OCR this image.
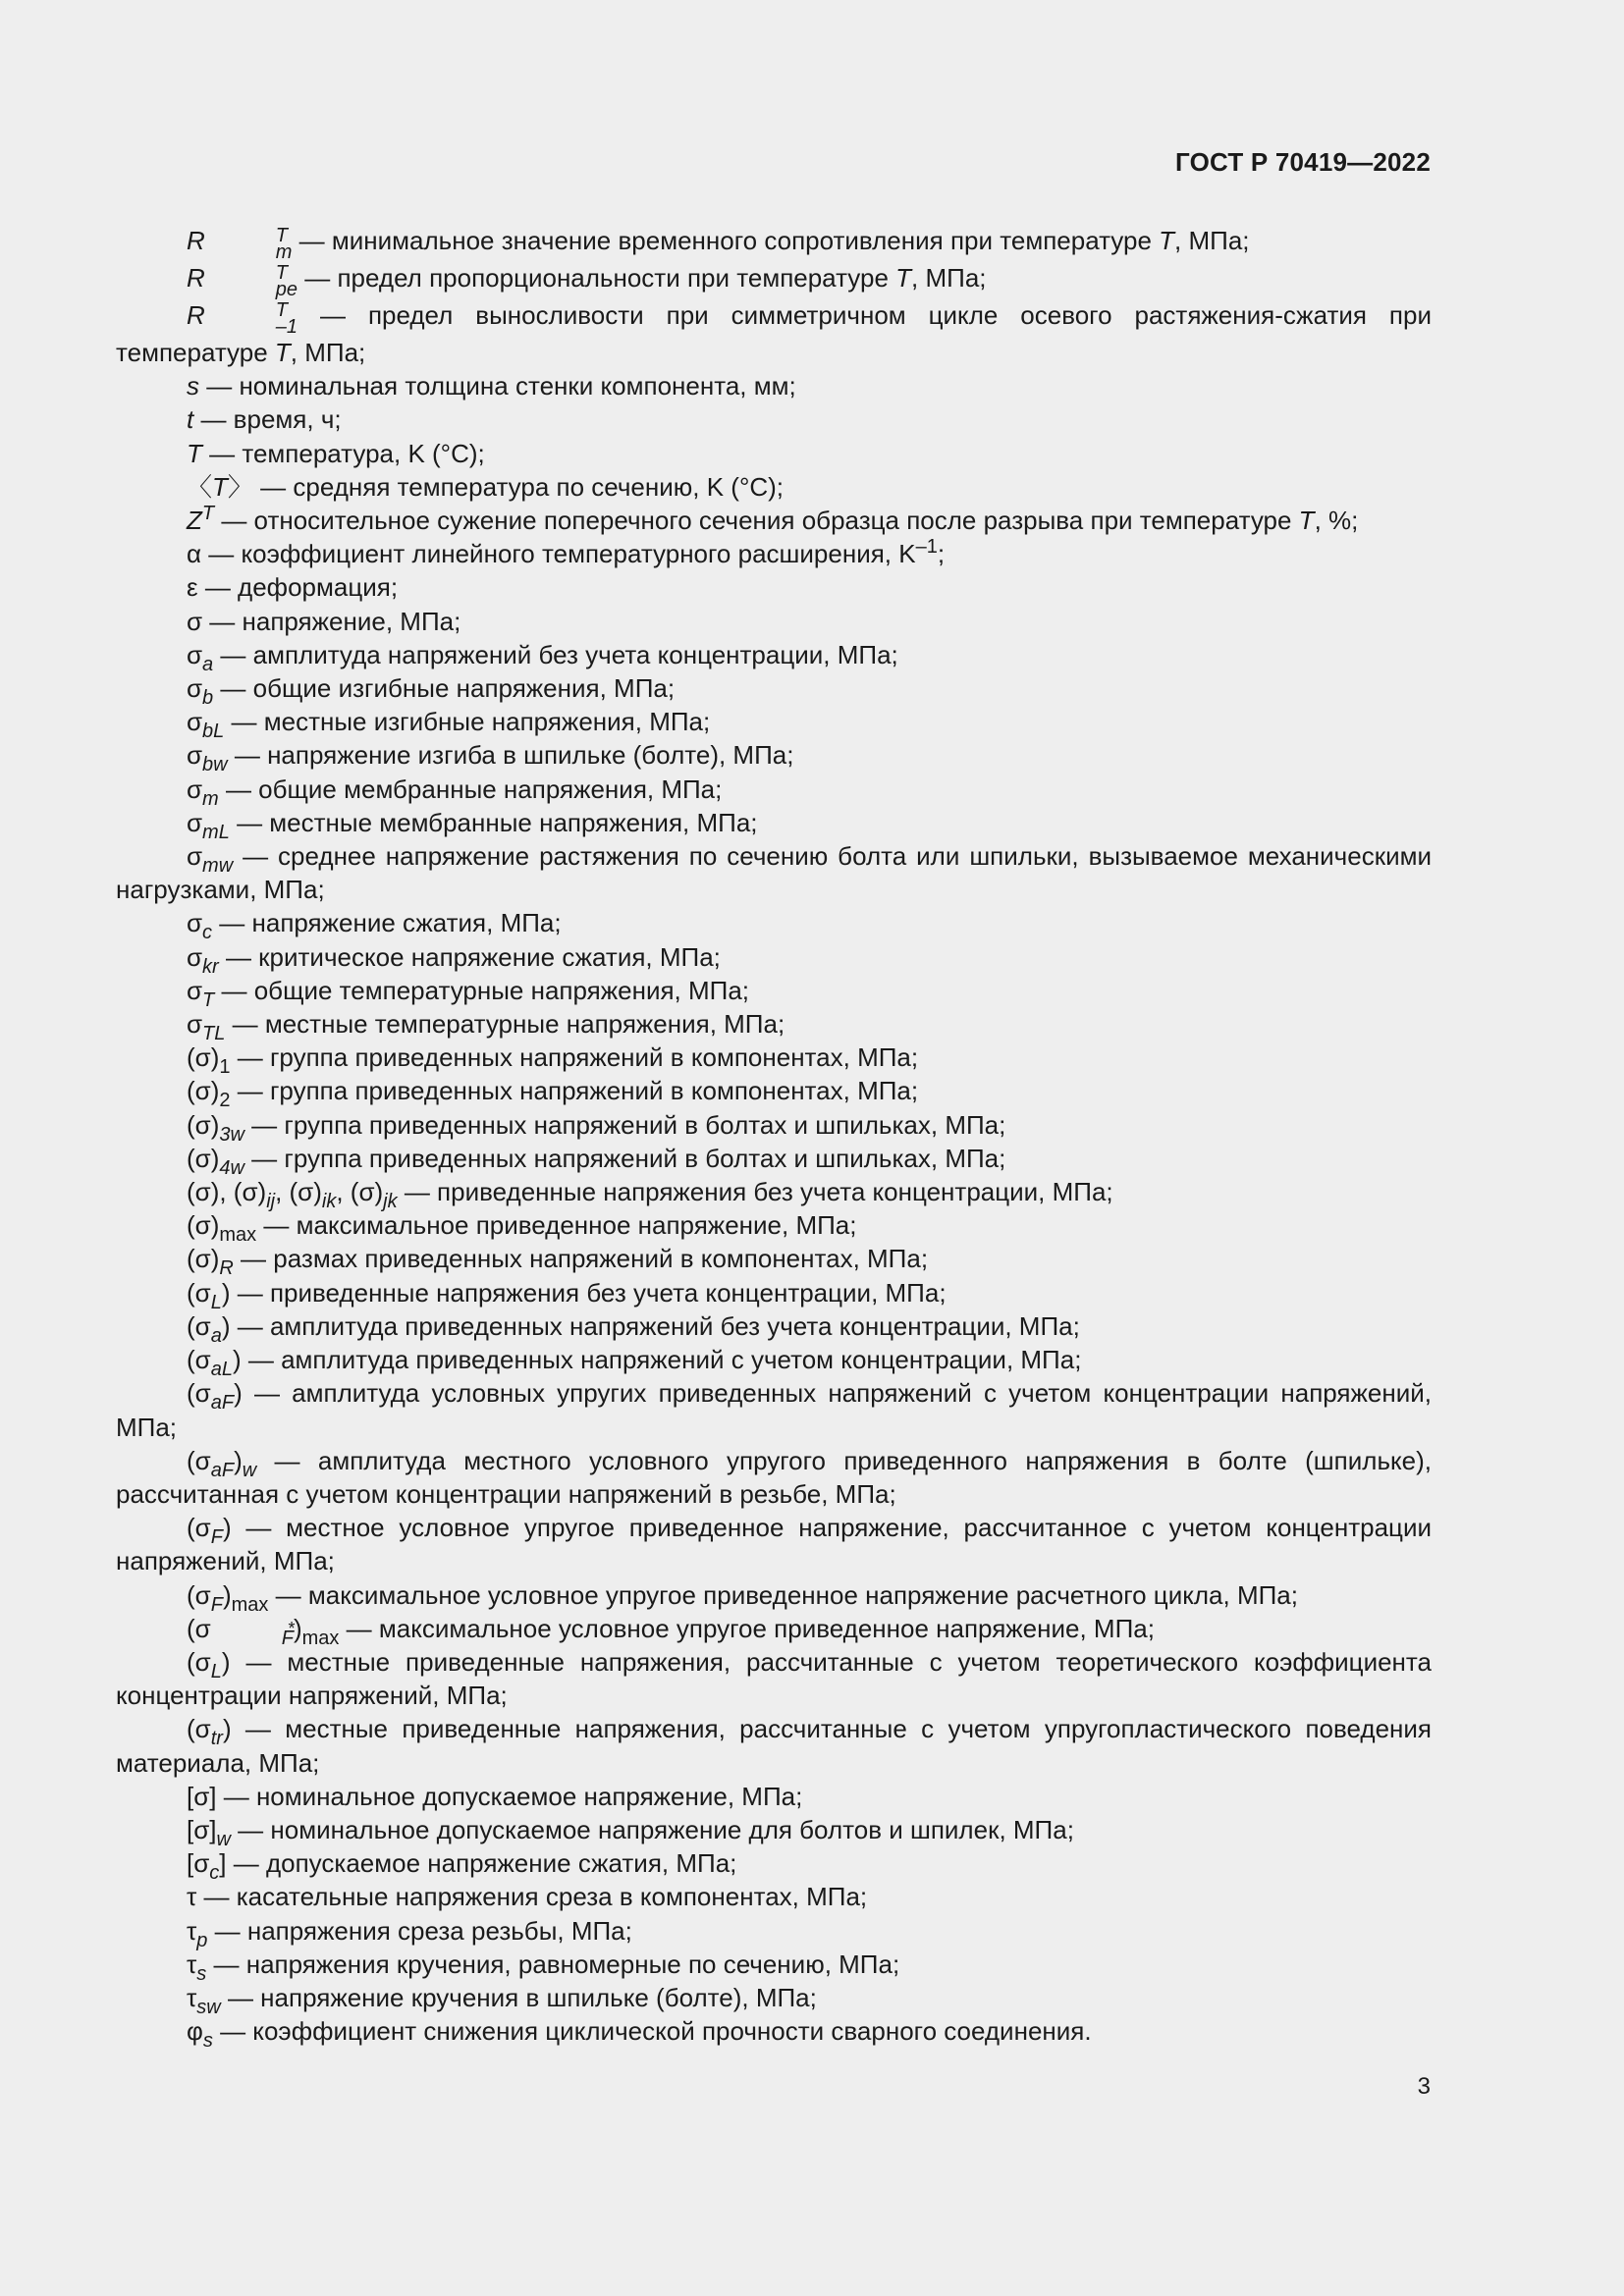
ГОСТ Р 70419—2022

R	T
m — минимальное значение временного сопротивления при температуре T, МПа;

R	T
pe — предел пропорциональности при температуре T, МПа;

R	T
–1 — предел выносливости при симметричном цикле осевого растяжения-сжатия при температуре T, МПа;

s — номинальная толщина стенки компонента, мм;

t — время, ч;

T — температура, K (°С);

〈T〉 — средняя температура по сечению, K (°С);

$Z^T$ — относительное сужение поперечного сечения образца после разрыва при температуре T, %;

α — коэффициент линейного температурного расширения, $K^{-1}$;

ε — деформация;

σ — напряжение, МПа;

$\sigma_a$ — амплитуда напряжений без учета концентрации, МПа;

$\sigma_b$ — общие изгибные напряжения, МПа;

$\sigma_{bL}$ — местные изгибные напряжения, МПа;

$\sigma_{bw}$ — напряжение изгиба в шпильке (болте), МПа;

$\sigma_m$ — общие мембранные напряжения, МПа;

$\sigma_{mL}$ — местные мембранные напряжения, МПа;

$\sigma_{mw}$ — среднее напряжение растяжения по сечению болта или шпильки, вызываемое механическими нагрузками, МПа;

$\sigma_c$ — напряжение сжатия, МПа;

$\sigma_{kr}$ — критическое напряжение сжатия, МПа;

$\sigma_T$ — общие температурные напряжения, МПа;

$\sigma_{TL}$ — местные температурные напряжения, МПа;

$(\sigma)_1$ — группа приведенных напряжений в компонентах, МПа;

$(\sigma)_2$ — группа приведенных напряжений в компонентах, МПа;

$(\sigma)_{3w}$ — группа приведенных напряжений в болтах и шпильках, МПа;

$(\sigma)_{4w}$ — группа приведенных напряжений в болтах и шпильках, МПа;

(σ), $(\sigma)_{ij}$, $(\sigma)_{ik}$, $(\sigma)_{jk}$ — приведенные напряжения без учета концентрации, МПа;

$(\sigma)_{max}$ — максимальное приведенное напряжение, МПа;

$(\sigma)_R$ — размах приведенных напряжений в компонентах, МПа;

$(\sigma_L)$ — приведенные напряжения без учета концентрации, МПа;

$(\sigma_a)$ — амплитуда приведенных напряжений без учета концентрации, МПа;

$(\sigma_{aL})$ — амплитуда приведенных напряжений с учетом концентрации, МПа;

$(\sigma_{aF})$ — амплитуда условных упругих приведенных напряжений с учетом концентрации напряжений, МПа;

$(\sigma_{aF})_w$ — амплитуда местного условного упругого приведенного напряжения в болте (шпильке), рассчитанная с учетом концентрации напряжений в резьбе, МПа;

$(\sigma_F)$ — местное условное упругое приведенное напряжение, рассчитанное с учетом концентрации напряжений, МПа;

$(\sigma_F)_{max}$ — максимальное условное упругое приведенное напряжение расчетного цикла, МПа;

(σ	$_F)_{max}$ — максимальное условное упругое приведенное напряжение, МПа;

$(\sigma_L)$ — местные приведенные напряжения, рассчитанные с учетом теоретического коэффициента концентрации напряжений, МПа;

$(\sigma_{tr})$ — местные приведенные напряжения, рассчитанные с учетом упругопластического поведения материала, МПа;

[σ] — номинальное допускаемое напряжение, МПа;

$[\sigma]_w$ — номинальное допускаемое напряжение для болтов и шпилек, МПа;

$[\sigma_c]$ — допускаемое напряжение сжатия, МПа;

τ — касательные напряжения среза в компонентах, МПа;

$\tau_p$ — напряжения среза резьбы, МПа;

$\tau_s$ — напряжения кручения, равномерные по сечению, МПа;

$\tau_{sw}$ — напряжение кручения в шпильке (болте), МПа;

$\varphi_s$ — коэффициент снижения циклической прочности сварного соединения.

3
